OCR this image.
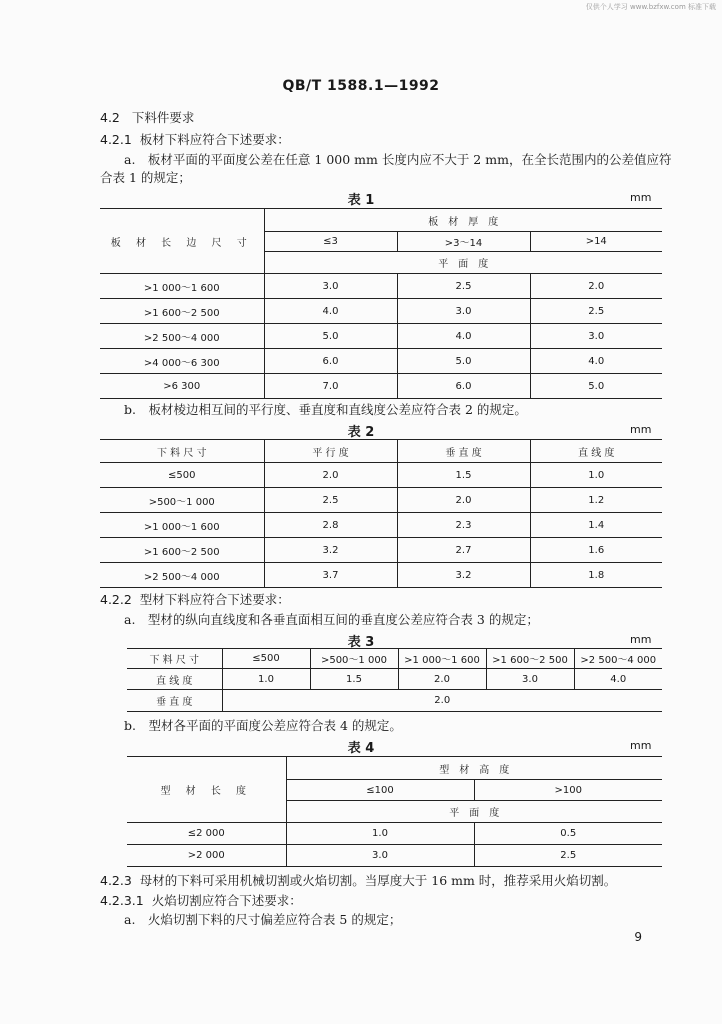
仅供个人学习 www.bzfxw.com 标准下载
QB/T 1588.1—1992
4.2 下料件要求
4.2.1 板材下料应符合下述要求：
a.　板材平面的平面度公差在任意 1 000 mm 长度内应不大于 2 mm，在全长范围内的公差值应符
合表 1 的规定；
表 1	mm
板 材 长 边 尺 寸	板　材　厚　度		
	≤3	>3～14	>14
	平　面　度		
>1 000～1 600	3.0	2.5	2.0
>1 600～2 500	4.0	3.0	2.5
>2 500～4 000	5.0	4.0	3.0
>4 000～6 300	6.0	5.0	4.0
>6 300	7.0	6.0	5.0
b.　板材棱边相互间的平行度、垂直度和直线度公差应符合表 2 的规定。
表 2	mm
下 料 尺 寸	平 行 度	垂 直 度	直 线 度
≤500	2.0	1.5	1.0
>500～1 000	2.5	2.0	1.2
>1 000～1 600	2.8	2.3	1.4
>1 600～2 500	3.2	2.7	1.6
>2 500～4 000	3.7	3.2	1.8
4.2.2 型材下料应符合下述要求：
a.　型材的纵向直线度和各垂直面相互间的垂直度公差应符合表 3 的规定；
表 3	mm
下 料 尺 寸	≤500	>500～1 000	>1 000～1 600	>1 600～2 500	>2 500～4 000
直 线 度	1.0	1.5	2.0	3.0	4.0
垂 直 度	2.0				
b.　型材各平面的平面度公差应符合表 4 的规定。
表 4	mm
型 材 长 度	型　材　高　度	
	≤100	>100
	平　面　度	
≤2 000	1.0	0.5
>2 000	3.0	2.5
4.2.3 母材的下料可采用机械切割或火焰切割。当厚度大于 16 mm 时，推荐采用火焰切割。
4.2.3.1 火焰切割应符合下述要求：
a.　火焰切割下料的尺寸偏差应符合表 5 的规定；
9
